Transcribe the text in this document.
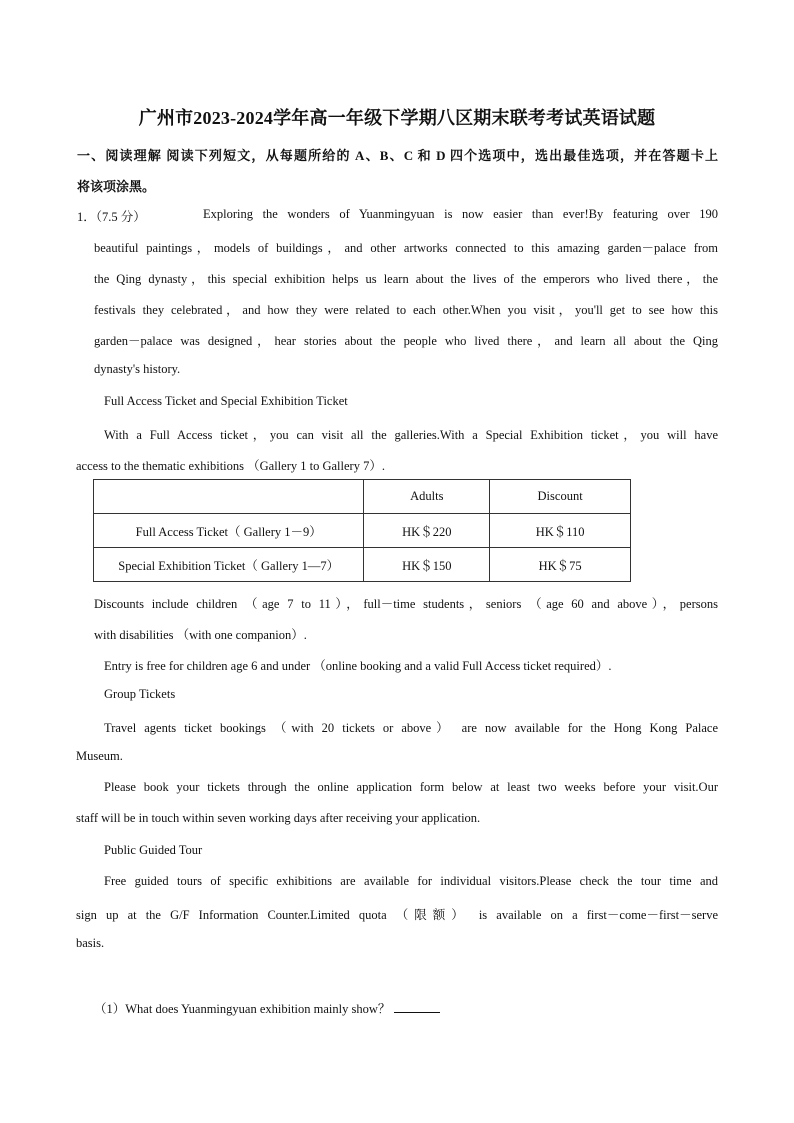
广州市2023-2024学年高一年级下学期八区期末联考考试英语试题
一、阅读理解 阅读下列短文，从每题所给的 A、B、C 和 D 四个选项中，选出最佳选项，并在答题卡上
将该项涂黑。
1．（7.5 分）	Exploring the wonders of Yuanmingyuan is now easier than ever!By featuring over 190
beautiful paintings，models of buildings，and other artworks connected to this amazing garden－palace from
the Qing dynasty，this special exhibition helps us learn about the lives of the emperors who lived there，the
festivals they celebrated，and how they were related to each other.When you visit，you'll get to see how this
garden－palace was designed，hear stories about the people who lived there，and learn all about the Qing
dynasty's history.
Full Access Ticket and Special Exhibition Ticket
With a Full Access ticket，you can visit all the galleries.With a Special Exhibition ticket，you will have
access to the thematic exhibitions （Gallery 1 to Gallery 7）.
	Adults	Discount
Full Access Ticket（ Gallery 1－9）	HK＄220	HK＄110
Special Exhibition Ticket（ Gallery 1—7）	HK＄150	HK＄75
Discounts include children （age 7 to 11），full－time students，seniors （age 60 and above），persons
with disabilities （with one companion）.
Entry is free for children age 6 and under （online booking and a valid Full Access ticket required）.
Group Tickets
Travel agents ticket bookings （with 20 tickets or above） are now available for the Hong Kong Palace
Museum.
Please book your tickets through the online application form below at least two weeks before your visit.Our
staff will be in touch within seven working days after receiving your application.
Public Guided Tour
Free guided tours of specific exhibitions are available for individual visitors.Please check the tour time and
sign up at the G/F Information Counter.Limited quota （限额） is available on a first－come－first－serve
basis.
（1）What does Yuanmingyuan exhibition mainly show？
